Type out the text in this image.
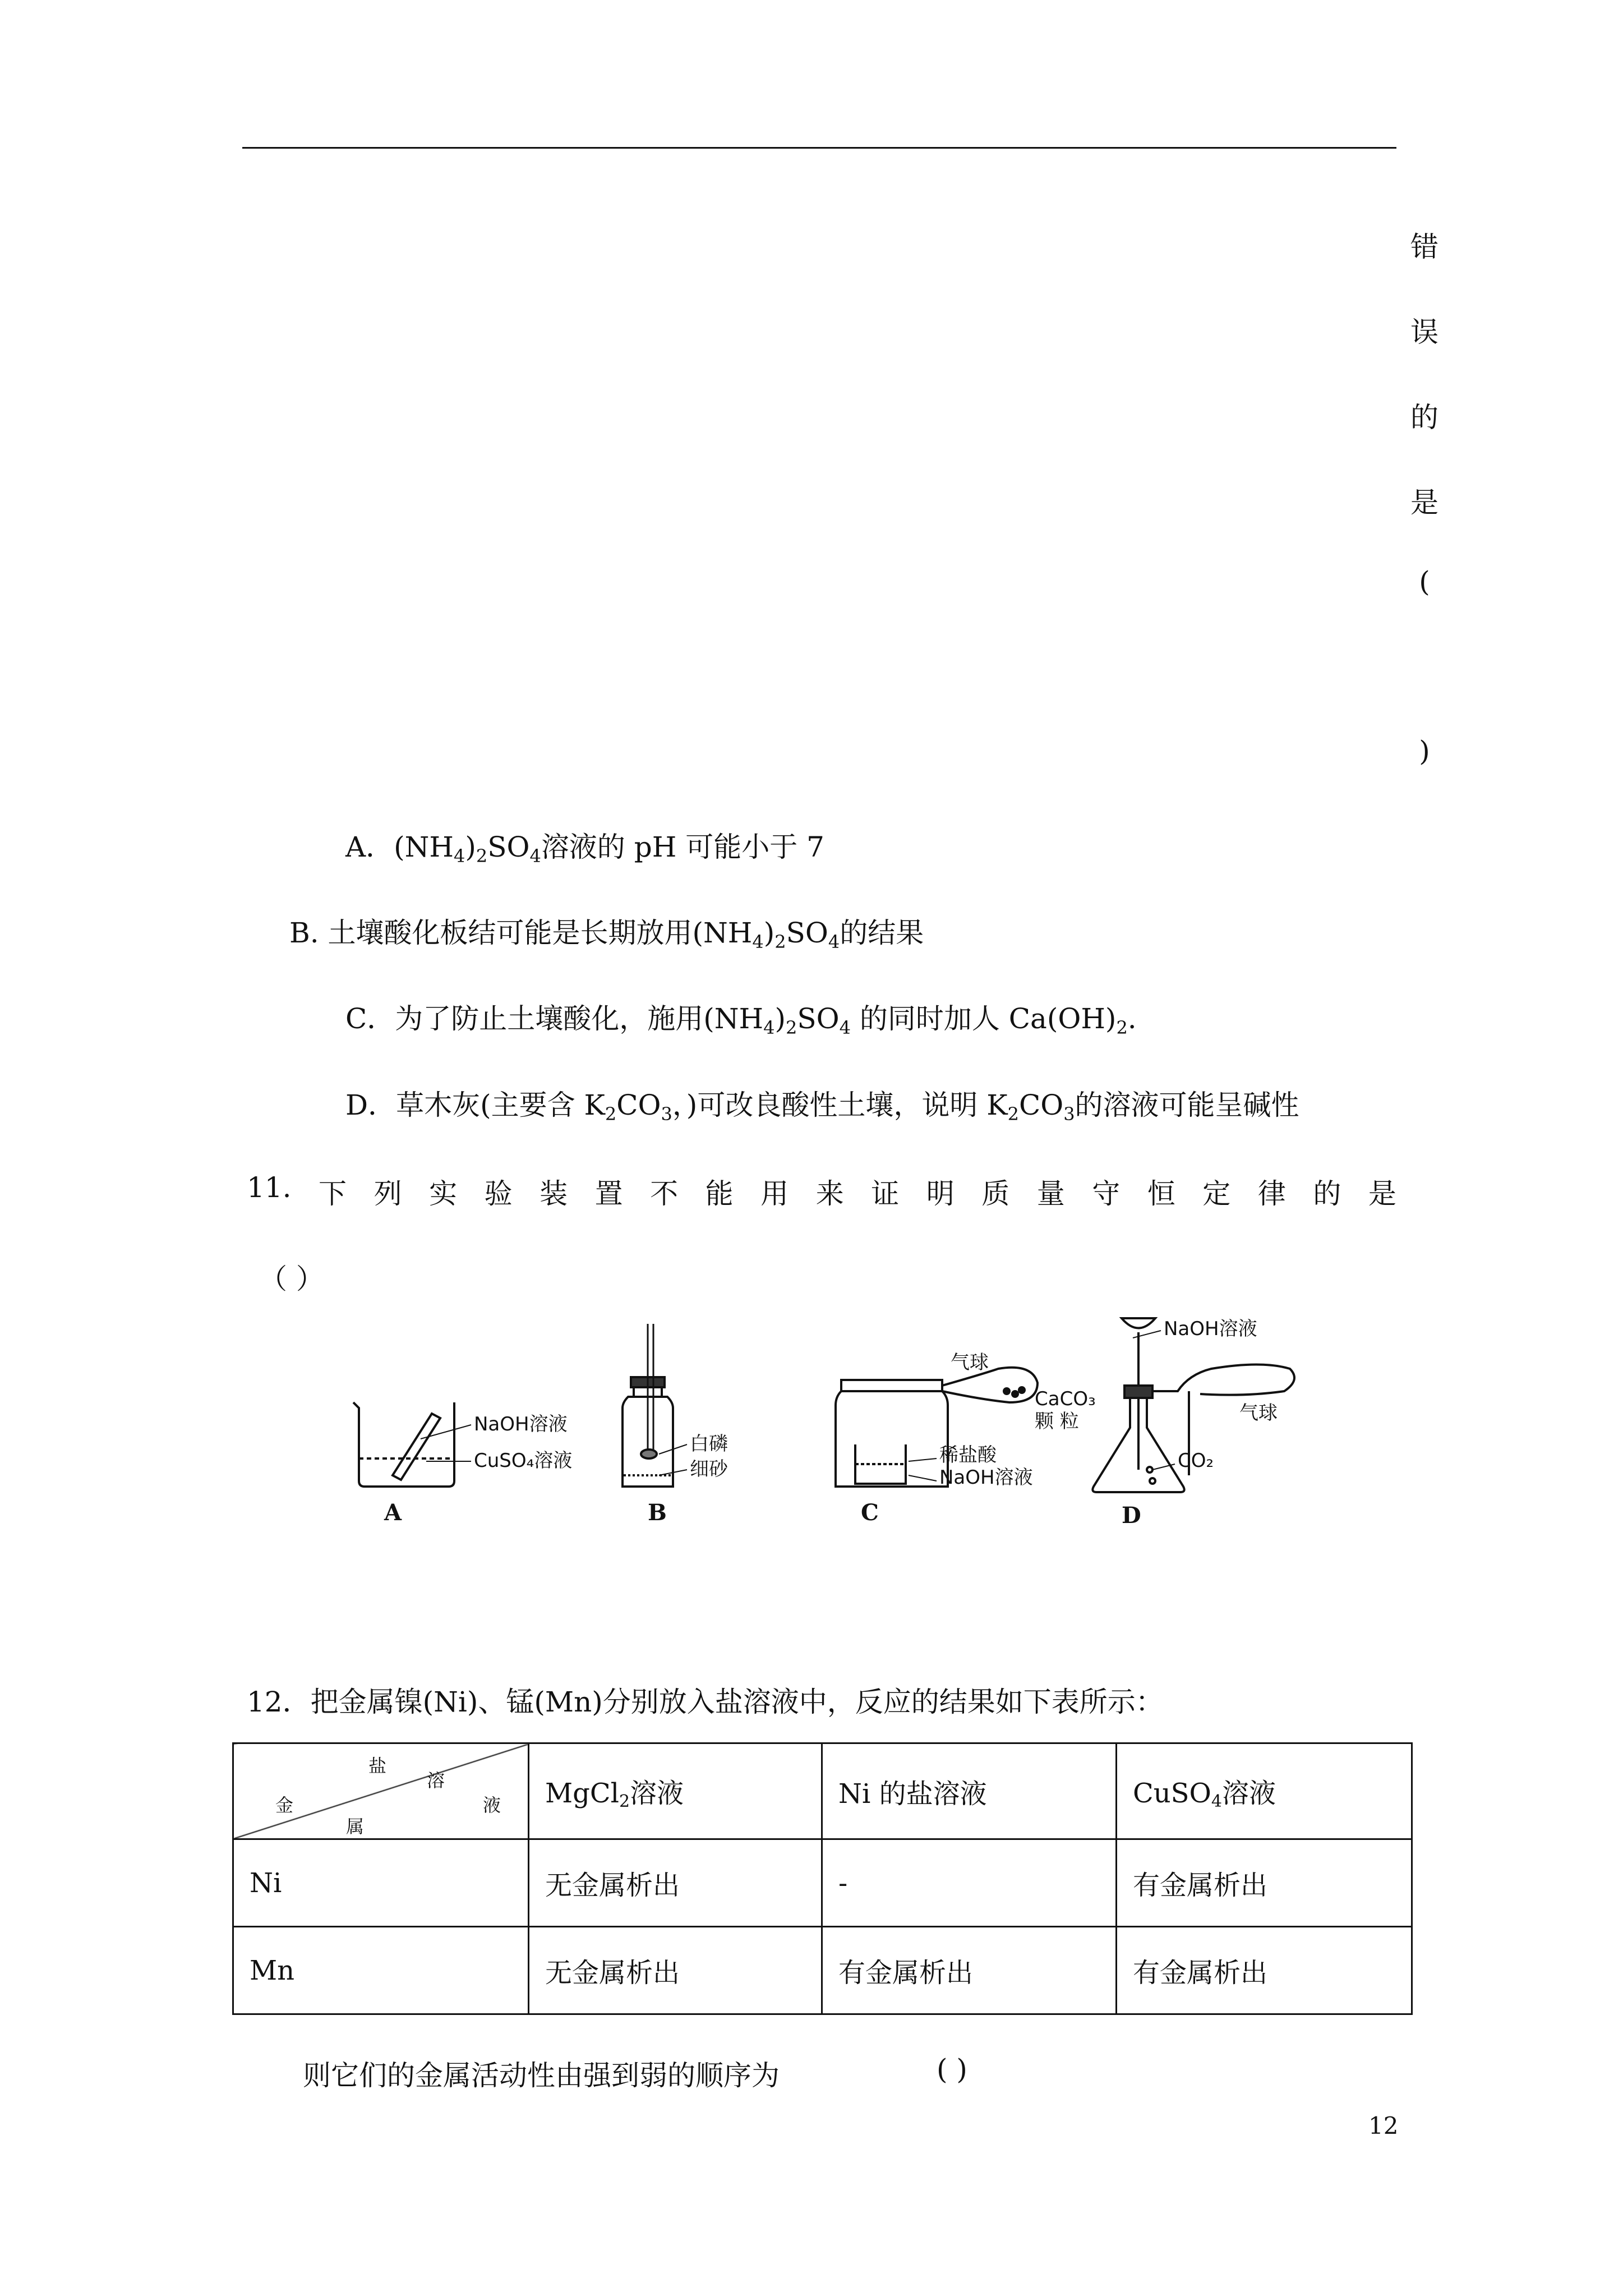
错
误
的
是
(
)
A．$(NH_4)_2SO_4$溶液的 pH 可能小于 7
B. 土壤酸化板结可能是长期放用$(NH_4)_2SO_4$的结果
C．为了防止土壤酸化，施用$(NH_4)_2SO_4$ 的同时加人 $Ca(OH)_2$.
D．草木灰(主要含 $K_2CO_3$，)可改良酸性土壤，说明 $K_2CO_3$的溶液可能呈碱性
11. 下 列 实 验 装 置 不 能 用 来 证 明 质 量 守 恒 定 律 的 是
（ ）
NaOH溶液
CuSO₄溶液
A
白磷
细砂
B
气球
CaCO₃
颗 粒
稀盐酸
NaOH溶液
C
NaOH溶液
气球
CO₂
D
12．把金属镍(Ni)、锰(Mn)分别放入盐溶液中，反应的结果如下表所示：
盐
溶
液
金
属	MgCl$_2$溶液	Ni 的盐溶液	CuSO$_4$溶液
Ni	无金属析出	-	有金属析出
Mn	无金属析出	有金属析出	有金属析出
则它们的金属活动性由强到弱的顺序为	( )
12
